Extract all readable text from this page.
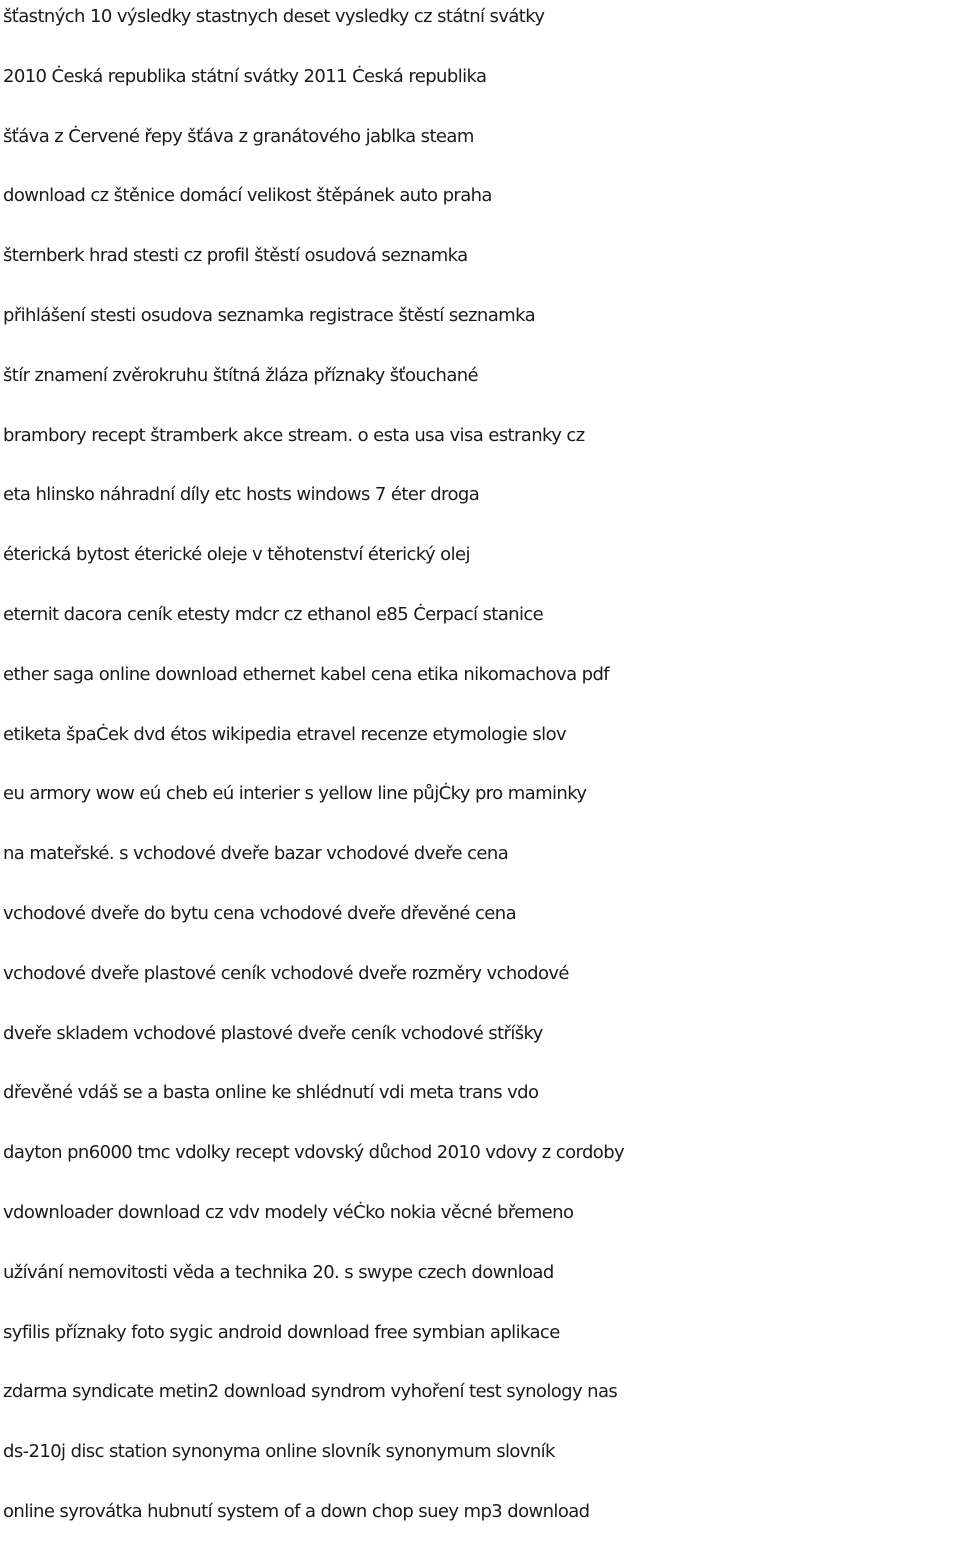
šťastných 10 výsledky stastnych deset vysledky cz státní svátky
2010 Ċeská republika státní svátky 2011 Ċeská republika
šťáva z Ċervené řepy šťáva z granátového jablka steam
download cz štěnice domácí velikost štěpánek auto praha
šternberk hrad stesti cz profil štěstí osudová seznamka
přihlášení stesti osudova seznamka registrace štěstí seznamka
štír znamení zvěrokruhu štítná žláza příznaky šťouchané
brambory recept štramberk akce stream. o esta usa visa estranky cz
eta hlinsko náhradní díly etc hosts windows 7 éter droga
éterická bytost éterické oleje v těhotenství éterický olej
eternit dacora ceník etesty mdcr cz ethanol e85 Ċerpací stanice
ether saga online download ethernet kabel cena etika nikomachova pdf
etiketa špaĊek dvd étos wikipedia etravel recenze etymologie slov
eu armory wow eú cheb eú interier s yellow line půjĊky pro maminky
na mateřské. s vchodové dveře bazar vchodové dveře cena
vchodové dveře do bytu cena vchodové dveře dřevěné cena
vchodové dveře plastové ceník vchodové dveře rozměry vchodové
dveře skladem vchodové plastové dveře ceník vchodové stříšky
dřevěné vdáš se a basta online ke shlédnutí vdi meta trans vdo
dayton pn6000 tmc vdolky recept vdovský důchod 2010 vdovy z cordoby
vdownloader download cz vdv modely véĊko nokia věcné břemeno
užívání nemovitosti věda a technika 20. s swype czech download
syfilis příznaky foto sygic android download free symbian aplikace
zdarma syndicate metin2 download syndrom vyhoření test synology nas
ds-210j disc station synonyma online slovník synonymum slovník
online syrovátka hubnutí system of a down chop suey mp3 download
